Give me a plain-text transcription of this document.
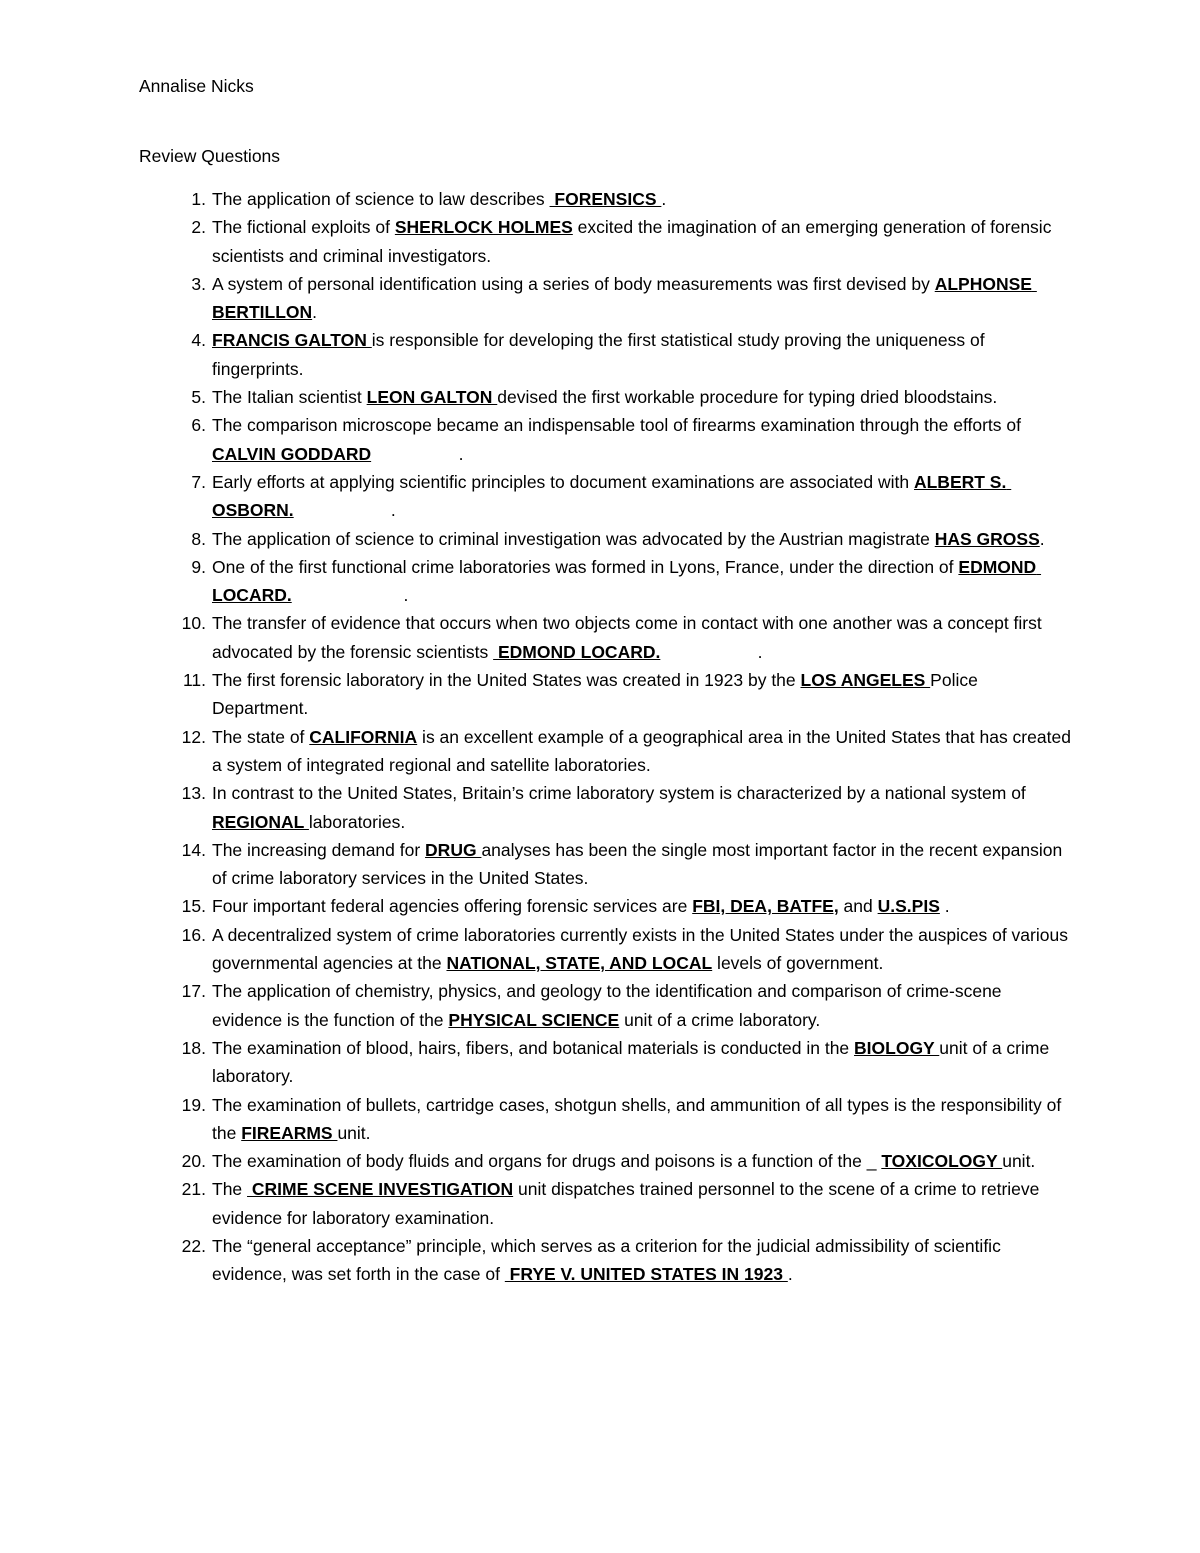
Annalise Nicks

Review Questions

1. The application of science to law describes  FORENSICS .
2. The fictional exploits of SHERLOCK HOLMES excited the imagination of an emerging generation of forensic scientists and criminal investigators.
3. A system of personal identification using a series of body measurements was first devised by ALPHONSE BERTILLON.
4. FRANCIS GALTON is responsible for developing the first statistical study proving the uniqueness of fingerprints.
5. The Italian scientist LEON GALTON devised the first workable procedure for typing dried bloodstains.
6. The comparison microscope became an indispensable tool of firearms examination through the efforts of CALVIN GODDARD                  .
7. Early efforts at applying scientific principles to document examinations are associated with ALBERT S. OSBORN.                    .
8. The application of science to criminal investigation was advocated by the Austrian magistrate HAS GROSS.
9. One of the first functional crime laboratories was formed in Lyons, France, under the direction of EDMOND LOCARD.                       .
10. The transfer of evidence that occurs when two objects come in contact with one another was a concept first advocated by the forensic scientists  EDMOND LOCARD.                    .
11. The first forensic laboratory in the United States was created in 1923 by the LOS ANGELES Police Department.
12. The state of CALIFORNIA is an excellent example of a geographical area in the United States that has created a system of integrated regional and satellite laboratories.
13. In contrast to the United States, Britain’s crime laboratory system is characterized by a national system of REGIONAL laboratories.
14. The increasing demand for DRUG analyses has been the single most important factor in the recent expansion of crime laboratory services in the United States.
15. Four important federal agencies offering forensic services are FBI, DEA, BATFE, and U.S.PIS .
16. A decentralized system of crime laboratories currently exists in the United States under the auspices of various governmental agencies at the NATIONAL, STATE, AND LOCAL levels of government.
17. The application of chemistry, physics, and geology to the identification and comparison of crime-scene evidence is the function of the PHYSICAL SCIENCE unit of a crime laboratory.
18. The examination of blood, hairs, fibers, and botanical materials is conducted in the BIOLOGY unit of a crime laboratory.
19. The examination of bullets, cartridge cases, shotgun shells, and ammunition of all types is the responsibility of the FIREARMS unit.
20. The examination of body fluids and organs for drugs and poisons is a function of the _ TOXICOLOGY unit.
21. The  CRIME SCENE INVESTIGATION unit dispatches trained personnel to the scene of a crime to retrieve evidence for laboratory examination.
22. The “general acceptance” principle, which serves as a criterion for the judicial admissibility of scientific evidence, was set forth in the case of  FRYE V. UNITED STATES IN 1923 .
